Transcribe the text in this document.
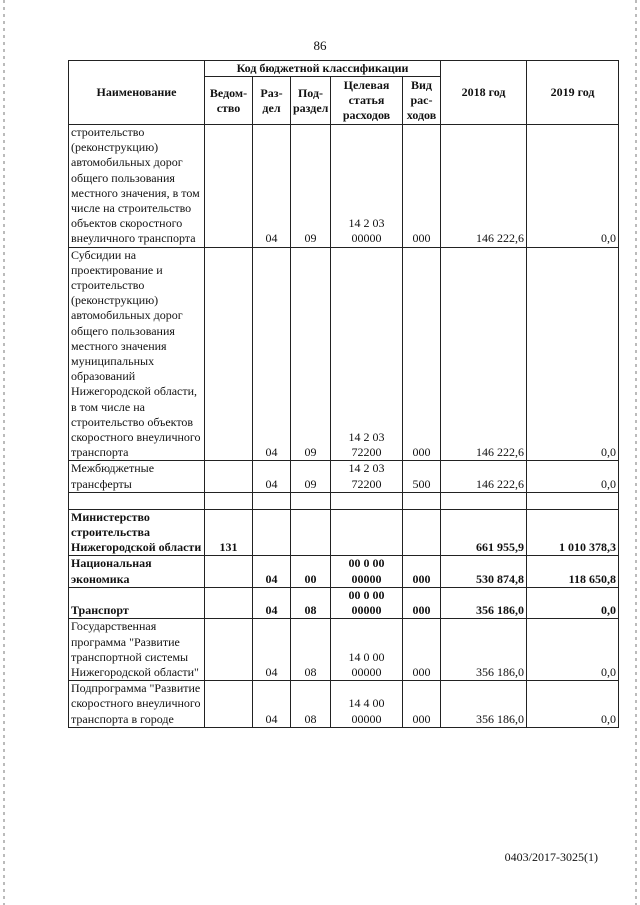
86
Наименование	Код бюджетной классификации					2018 год	2019 год
	Ведом-ство	Раз-дел	Под-раздел	Целевая статья расходов	Вид рас-ходов		
строительство (реконструкцию) автомобильных дорог общего пользования местного значения, в том числе на строительство объектов скоростного внеуличного транспорта		04	09	14 2 03 00000	000	146 222,6	0,0
Субсидии на проектирование и строительство (реконструкцию) автомобильных дорог общего пользования местного значения муниципальных образований Нижегородской области, в том числе на строительство объектов скоростного внеуличного транспорта		04	09	14 2 03 72200	000	146 222,6	0,0
Межбюджетные трансферты		04	09	14 2 03 72200	500	146 222,6	0,0

Министерство строительства Нижегородской области	131					661 955,9	1 010 378,3
Национальная экономика		04	00	00 0 00 00000	000	530 874,8	118 650,8
Транспорт		04	08	00 0 00 00000	000	356 186,0	0,0
Государственная программа "Развитие транспортной системы Нижегородской области"		04	08	14 0 00 00000	000	356 186,0	0,0
Подпрограмма "Развитие скоростного внеуличного транспорта в городе		04	08	14 4 00 00000	000	356 186,0	0,0
0403/2017-3025(1)
